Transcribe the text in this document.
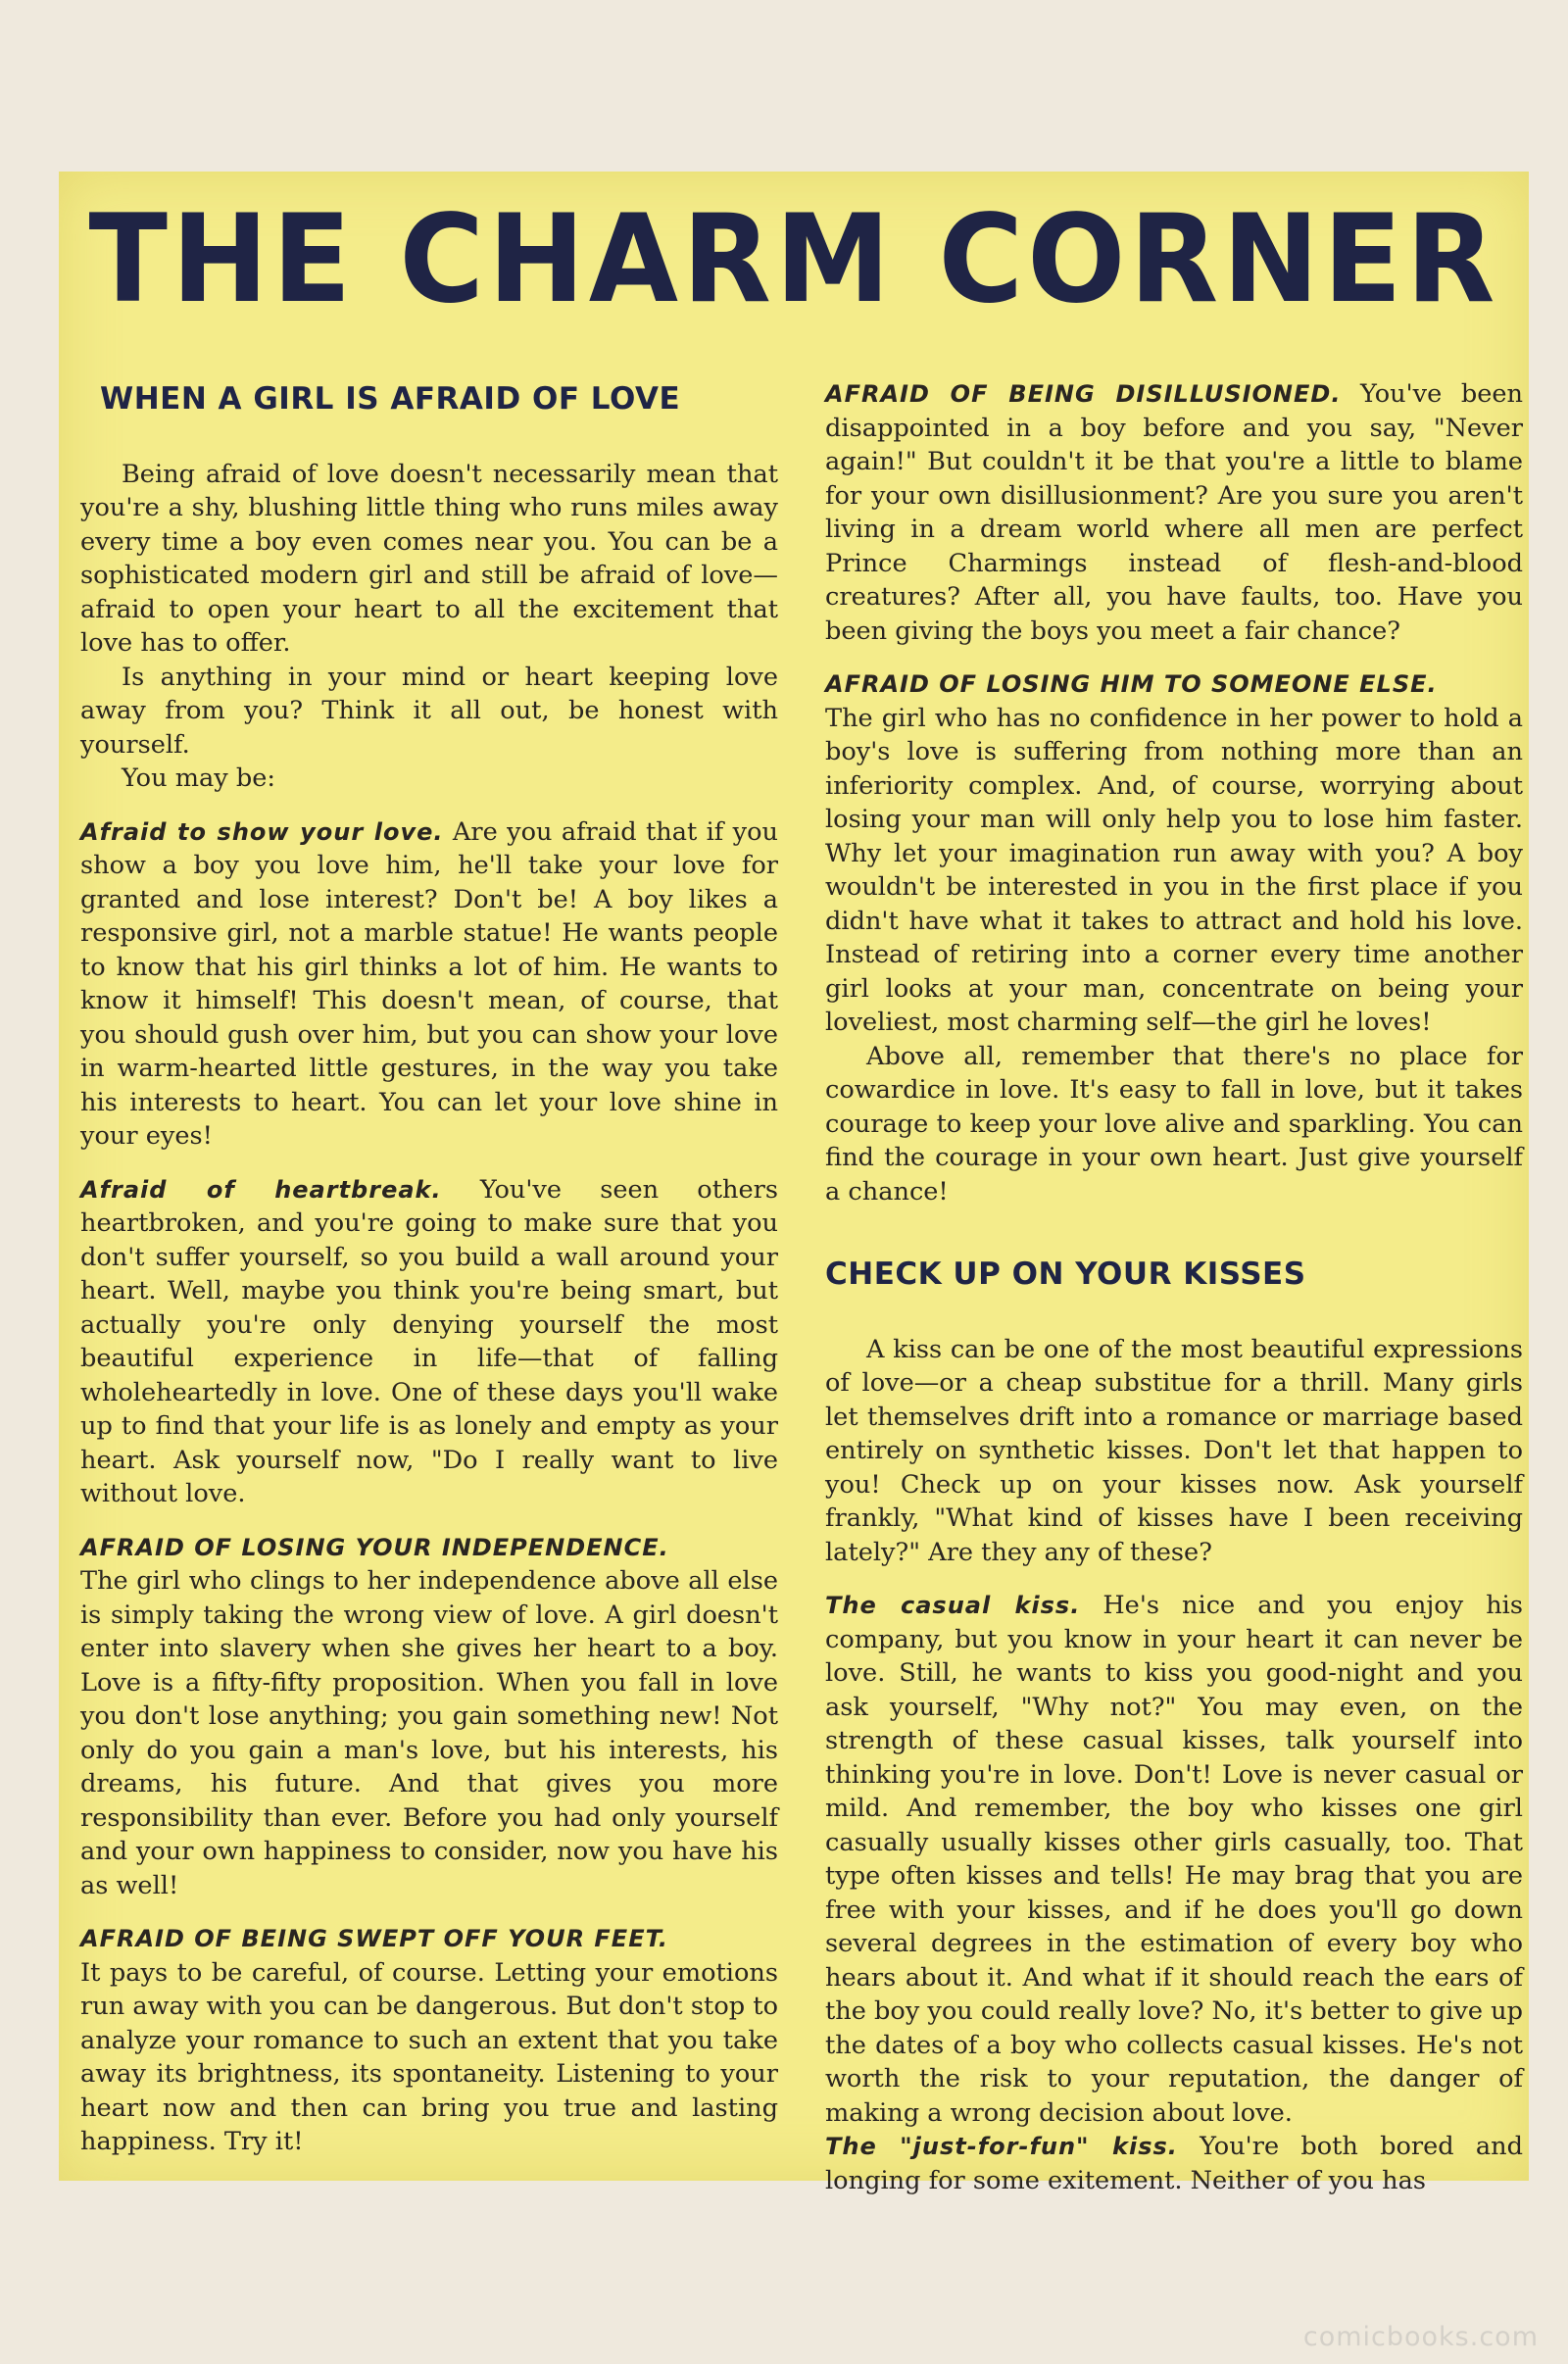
THE CHARM CORNER
WHEN A GIRL IS AFRAID OF LOVE

Being afraid of love doesn't necessarily mean that you're a shy, blushing little thing who runs miles away every time a boy even comes near you. You can be a sophisticated modern girl and still be afraid of love—afraid to open your heart to all the excitement that love has to offer.

Is anything in your mind or heart keeping love away from you? Think it all out, be honest with yourself.

You may be:

Afraid to show your love. Are you afraid that if you show a boy you love him, he'll take your love for granted and lose interest? Don't be! A boy likes a responsive girl, not a marble statue! He wants people to know that his girl thinks a lot of him. He wants to know it himself! This doesn't mean, of course, that you should gush over him, but you can show your love in warm-hearted little gestures, in the way you take his interests to heart. You can let your love shine in your eyes!

Afraid of heartbreak. You've seen others heartbroken, and you're going to make sure that you don't suffer yourself, so you build a wall around your heart. Well, maybe you think you're being smart, but actually you're only denying yourself the most beautiful experience in life—that of falling wholeheartedly in love. One of these days you'll wake up to find that your life is as lonely and empty as your heart. Ask yourself now, "Do I really want to live without love.

AFRAID OF LOSING YOUR INDEPENDENCE.

The girl who clings to her independence above all else is simply taking the wrong view of love. A girl doesn't enter into slavery when she gives her heart to a boy. Love is a fifty-fifty proposition. When you fall in love you don't lose anything; you gain something new! Not only do you gain a man's love, but his interests, his dreams, his future. And that gives you more responsibility than ever. Before you had only yourself and your own happiness to consider, now you have his as well!

AFRAID OF BEING SWEPT OFF YOUR FEET.

It pays to be careful, of course. Letting your emotions run away with you can be dangerous. But don't stop to analyze your romance to such an extent that you take away its brightness, its spontaneity. Listening to your heart now and then can bring you true and lasting happiness. Try it!

AFRAID OF BEING DISILLUSIONED. You've been disappointed in a boy before and you say, "Never again!" But couldn't it be that you're a little to blame for your own disillusionment? Are you sure you aren't living in a dream world where all men are perfect Prince Charmings instead of flesh-and-blood creatures? After all, you have faults, too. Have you been giving the boys you meet a fair chance?

AFRAID OF LOSING HIM TO SOMEONE ELSE.

The girl who has no confidence in her power to hold a boy's love is suffering from nothing more than an inferiority complex. And, of course, worrying about losing your man will only help you to lose him faster. Why let your imagination run away with you? A boy wouldn't be interested in you in the first place if you didn't have what it takes to attract and hold his love. Instead of retiring into a corner every time another girl looks at your man, concentrate on being your loveliest, most charming self—the girl he loves!

Above all, remember that there's no place for cowardice in love. It's easy to fall in love, but it takes courage to keep your love alive and sparkling. You can find the courage in your own heart. Just give yourself a chance!

CHECK UP ON YOUR KISSES

A kiss can be one of the most beautiful expressions of love—or a cheap substitue for a thrill. Many girls let themselves drift into a romance or marriage based entirely on synthetic kisses. Don't let that happen to you! Check up on your kisses now. Ask yourself frankly, "What kind of kisses have I been receiving lately?" Are they any of these?

The casual kiss. He's nice and you enjoy his company, but you know in your heart it can never be love. Still, he wants to kiss you good-night and you ask yourself, "Why not?" You may even, on the strength of these casual kisses, talk yourself into thinking you're in love. Don't! Love is never casual or mild. And remember, the boy who kisses one girl casually usually kisses other girls casually, too. That type often kisses and tells! He may brag that you are free with your kisses, and if he does you'll go down several degrees in the estimation of every boy who hears about it. And what if it should reach the ears of the boy you could really love? No, it's better to give up the dates of a boy who collects casual kisses. He's not worth the risk to your reputation, the danger of making a wrong decision about love.

The "just-for-fun" kiss. You're both bored and longing for some exitement. Neither of you has

comicbooks.com
